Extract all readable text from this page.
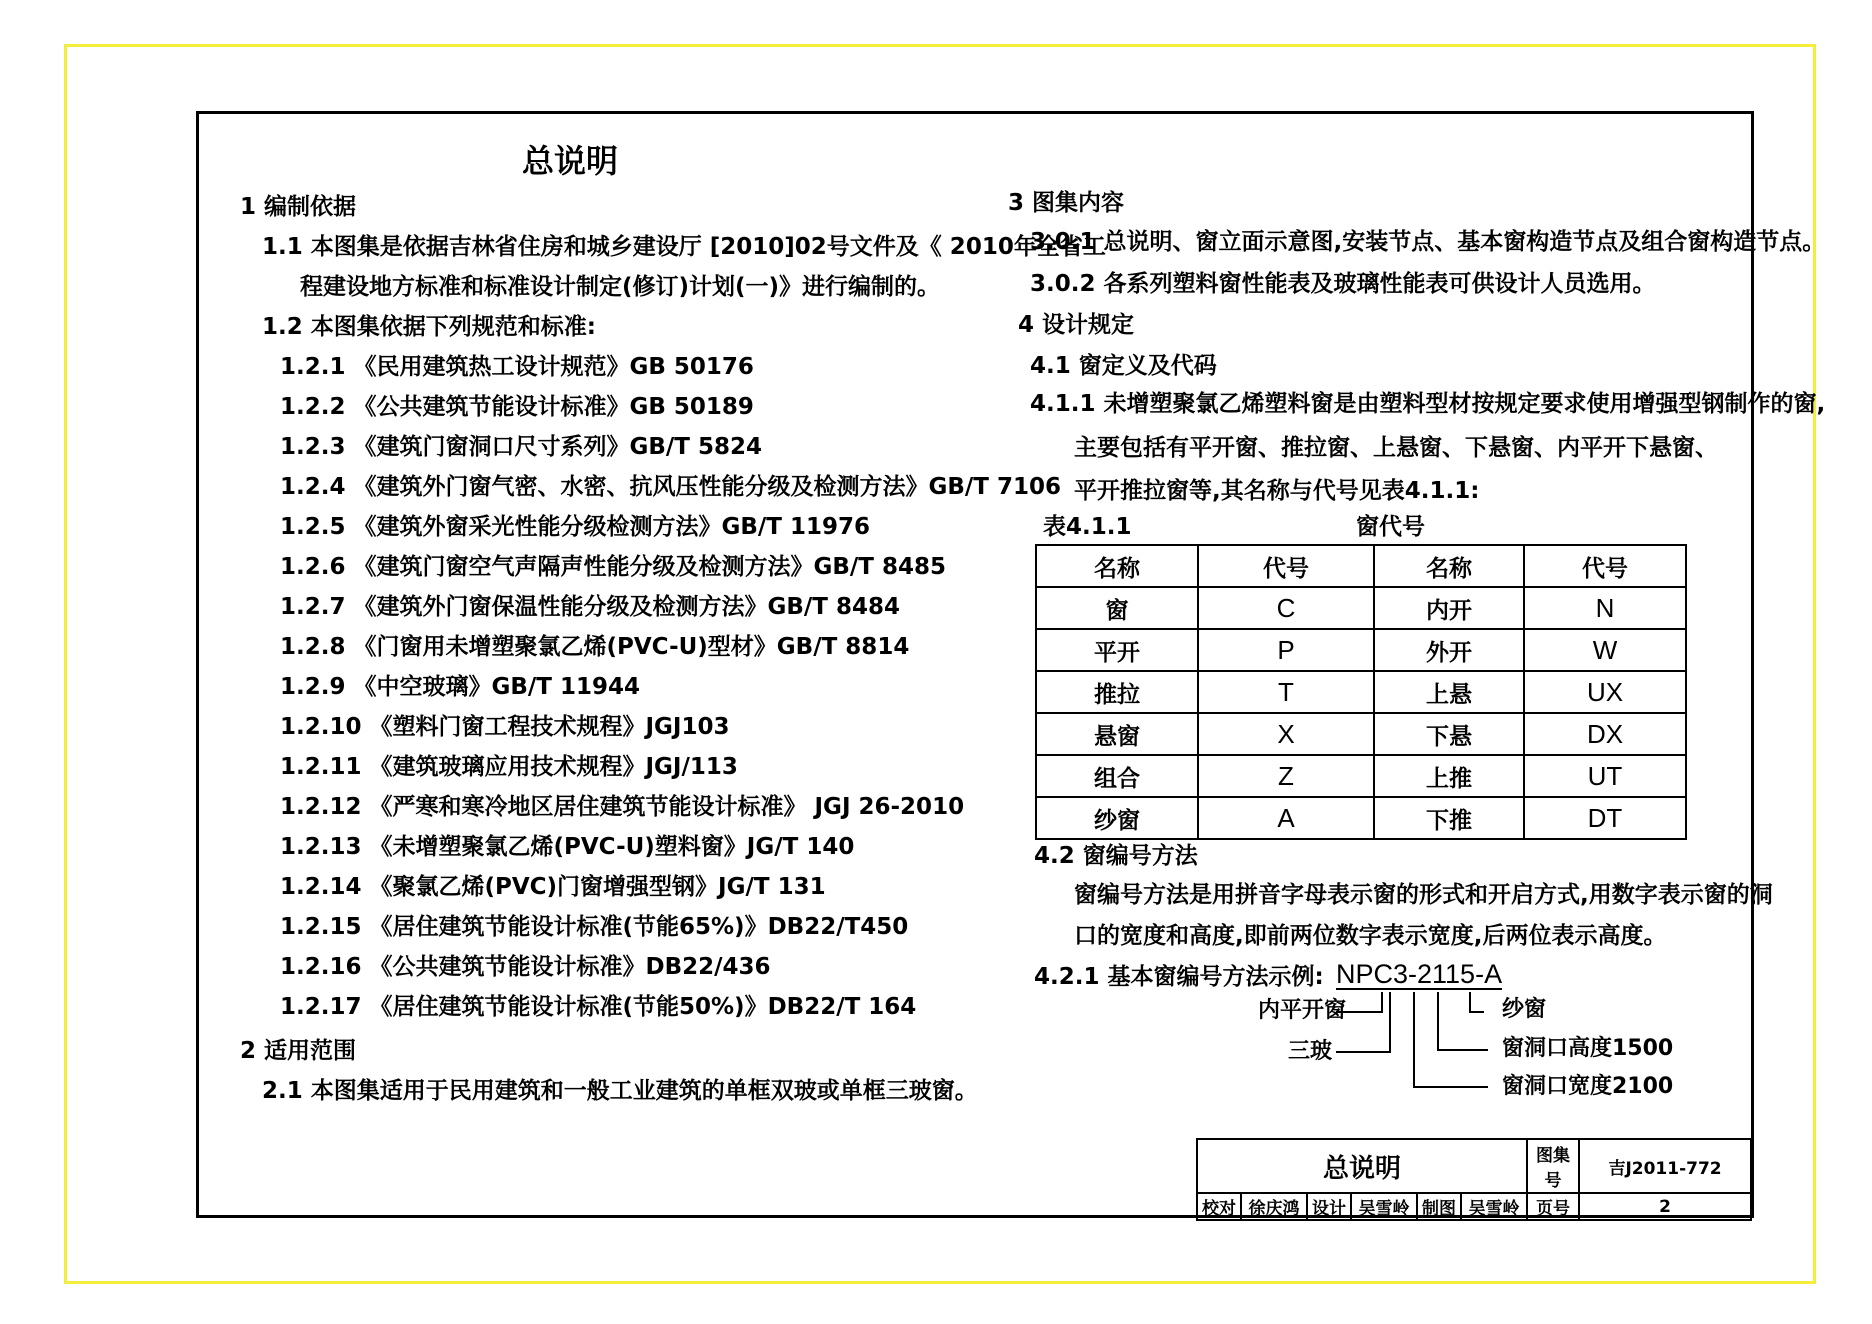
总说明
1 编制依据
1.1 本图集是依据吉林省住房和城乡建设厅 [2010]02号文件及《 2010年全省工
程建设地方标准和标准设计制定(修订)计划(一)》进行编制的。
1.2 本图集依据下列规范和标准:
1.2.1 《民用建筑热工设计规范》GB 50176
1.2.2 《公共建筑节能设计标准》GB 50189
1.2.3 《建筑门窗洞口尺寸系列》GB/T 5824
1.2.4 《建筑外门窗气密、水密、抗风压性能分级及检测方法》GB/T 7106
1.2.5 《建筑外窗采光性能分级检测方法》GB/T 11976
1.2.6 《建筑门窗空气声隔声性能分级及检测方法》GB/T 8485
1.2.7 《建筑外门窗保温性能分级及检测方法》GB/T 8484
1.2.8 《门窗用未增塑聚氯乙烯(PVC-U)型材》GB/T 8814
1.2.9 《中空玻璃》GB/T 11944
1.2.10 《塑料门窗工程技术规程》JGJ103
1.2.11 《建筑玻璃应用技术规程》JGJ/113
1.2.12 《严寒和寒冷地区居住建筑节能设计标准》 JGJ 26-2010
1.2.13 《未增塑聚氯乙烯(PVC-U)塑料窗》JG/T 140
1.2.14 《聚氯乙烯(PVC)门窗增强型钢》JG/T 131
1.2.15 《居住建筑节能设计标准(节能65%)》DB22/T450
1.2.16 《公共建筑节能设计标准》DB22/436
1.2.17 《居住建筑节能设计标准(节能50%)》DB22/T 164
2 适用范围
2.1 本图集适用于民用建筑和一般工业建筑的单框双玻或单框三玻窗。
3 图集内容
3.0.1 总说明、窗立面示意图,安装节点、基本窗构造节点及组合窗构造节点。
3.0.2 各系列塑料窗性能表及玻璃性能表可供设计人员选用。
4 设计规定
4.1 窗定义及代码
4.1.1 未增塑聚氯乙烯塑料窗是由塑料型材按规定要求使用增强型钢制作的窗,
主要包括有平开窗、推拉窗、上悬窗、下悬窗、内平开下悬窗、
平开推拉窗等,其名称与代号见表4.1.1:
表4.1.1	窗代号
名称	代号	名称	代号
窗	C	内开	N
平开	P	外开	W
推拉	T	上悬	UX
悬窗	X	下悬	DX
组合	Z	上推	UT
纱窗	A	下推	DT
4.2 窗编号方法
窗编号方法是用拼音字母表示窗的形式和开启方式,用数字表示窗的洞
口的宽度和高度,即前两位数字表示宽度,后两位表示高度。
4.2.1 基本窗编号方法示例: NPC3-2115-A
内平开窗
三玻
纱窗
窗洞口高度1500
窗洞口宽度2100
总说明						图集号	吉J2011-772
校对	徐庆鸿	设计	吴雪岭	制图	吴雪岭	页号	2
